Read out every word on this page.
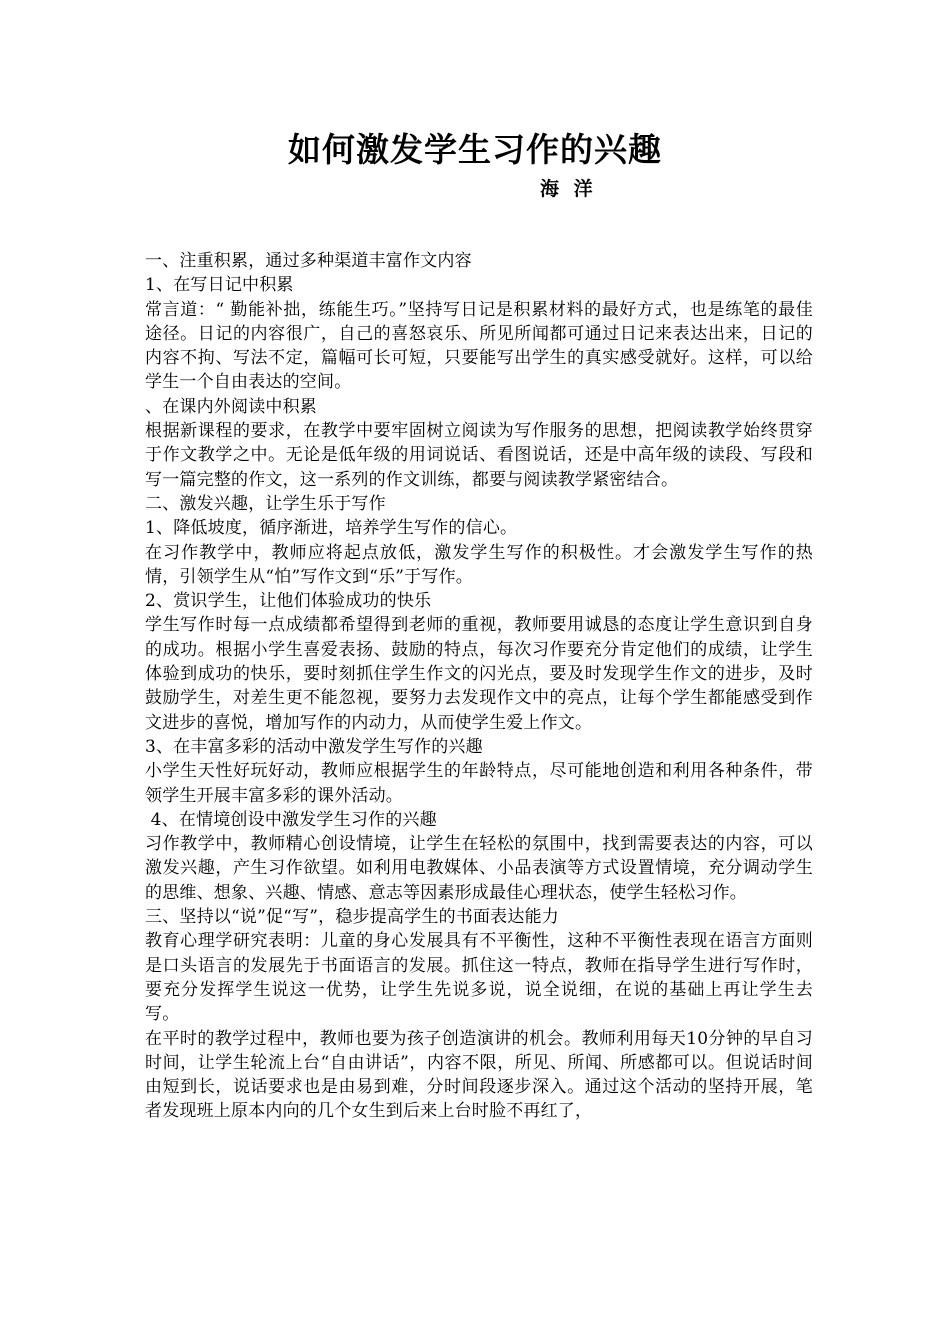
如何激发学生习作的兴趣
海 洋

一、注重积累，通过多种渠道丰富作文内容

1、在写日记中积累

常言道：“ 勤能补拙，练能生巧。”坚持写日记是积累材料的最好方式，也是练笔的最佳途径。日记的内容很广，自己的喜怒哀乐、所见所闻都可通过日记来表达出来，日记的内容不拘、写法不定，篇幅可长可短，只要能写出学生的真实感受就好。这样，可以给学生一个自由表达的空间。

、在课内外阅读中积累

根据新课程的要求，在教学中要牢固树立阅读为写作服务的思想，把阅读教学始终贯穿于作文教学之中。无论是低年级的用词说话、看图说话，还是中高年级的读段、写段和写一篇完整的作文，这一系列的作文训练，都要与阅读教学紧密结合。

二、激发兴趣，让学生乐于写作

1、降低坡度，循序渐进，培养学生写作的信心。

在习作教学中，教师应将起点放低，激发学生写作的积极性。才会激发学生写作的热情，引领学生从“怕”写作文到“乐”于写作。

2、赏识学生，让他们体验成功的快乐

学生写作时每一点成绩都希望得到老师的重视，教师要用诚恳的态度让学生意识到自身的成功。根据小学生喜爱表扬、鼓励的特点，每次习作要充分肯定他们的成绩，让学生体验到成功的快乐，要时刻抓住学生作文的闪光点，要及时发现学生作文的进步，及时鼓励学生，对差生更不能忽视，要努力去发现作文中的亮点，让每个学生都能感受到作文进步的喜悦，增加写作的内动力，从而使学生爱上作文。

3、在丰富多彩的活动中激发学生写作的兴趣

小学生天性好玩好动，教师应根据学生的年龄特点，尽可能地创造和利用各种条件，带领学生开展丰富多彩的课外活动。

4、在情境创设中激发学生习作的兴趣

习作教学中，教师精心创设情境，让学生在轻松的氛围中，找到需要表达的内容，可以激发兴趣，产生习作欲望。如利用电教媒体、小品表演等方式设置情境，充分调动学生的思维、想象、兴趣、情感、意志等因素形成最佳心理状态，使学生轻松习作。

三、坚持以“说”促“写”，稳步提高学生的书面表达能力

教育心理学研究表明：儿童的身心发展具有不平衡性，这种不平衡性表现在语言方面则是口头语言的发展先于书面语言的发展。抓住这一特点，教师在指导学生进行写作时，要充分发挥学生说这一优势，让学生先说多说，说全说细，在说的基础上再让学生去写。

在平时的教学过程中，教师也要为孩子创造演讲的机会。教师利用每天10分钟的早自习时间，让学生轮流上台“自由讲话”，内容不限，所见、所闻、所感都可以。但说话时间由短到长，说话要求也是由易到难，分时间段逐步深入。通过这个活动的坚持开展，笔者发现班上原本内向的几个女生到后来上台时脸不再红了，
